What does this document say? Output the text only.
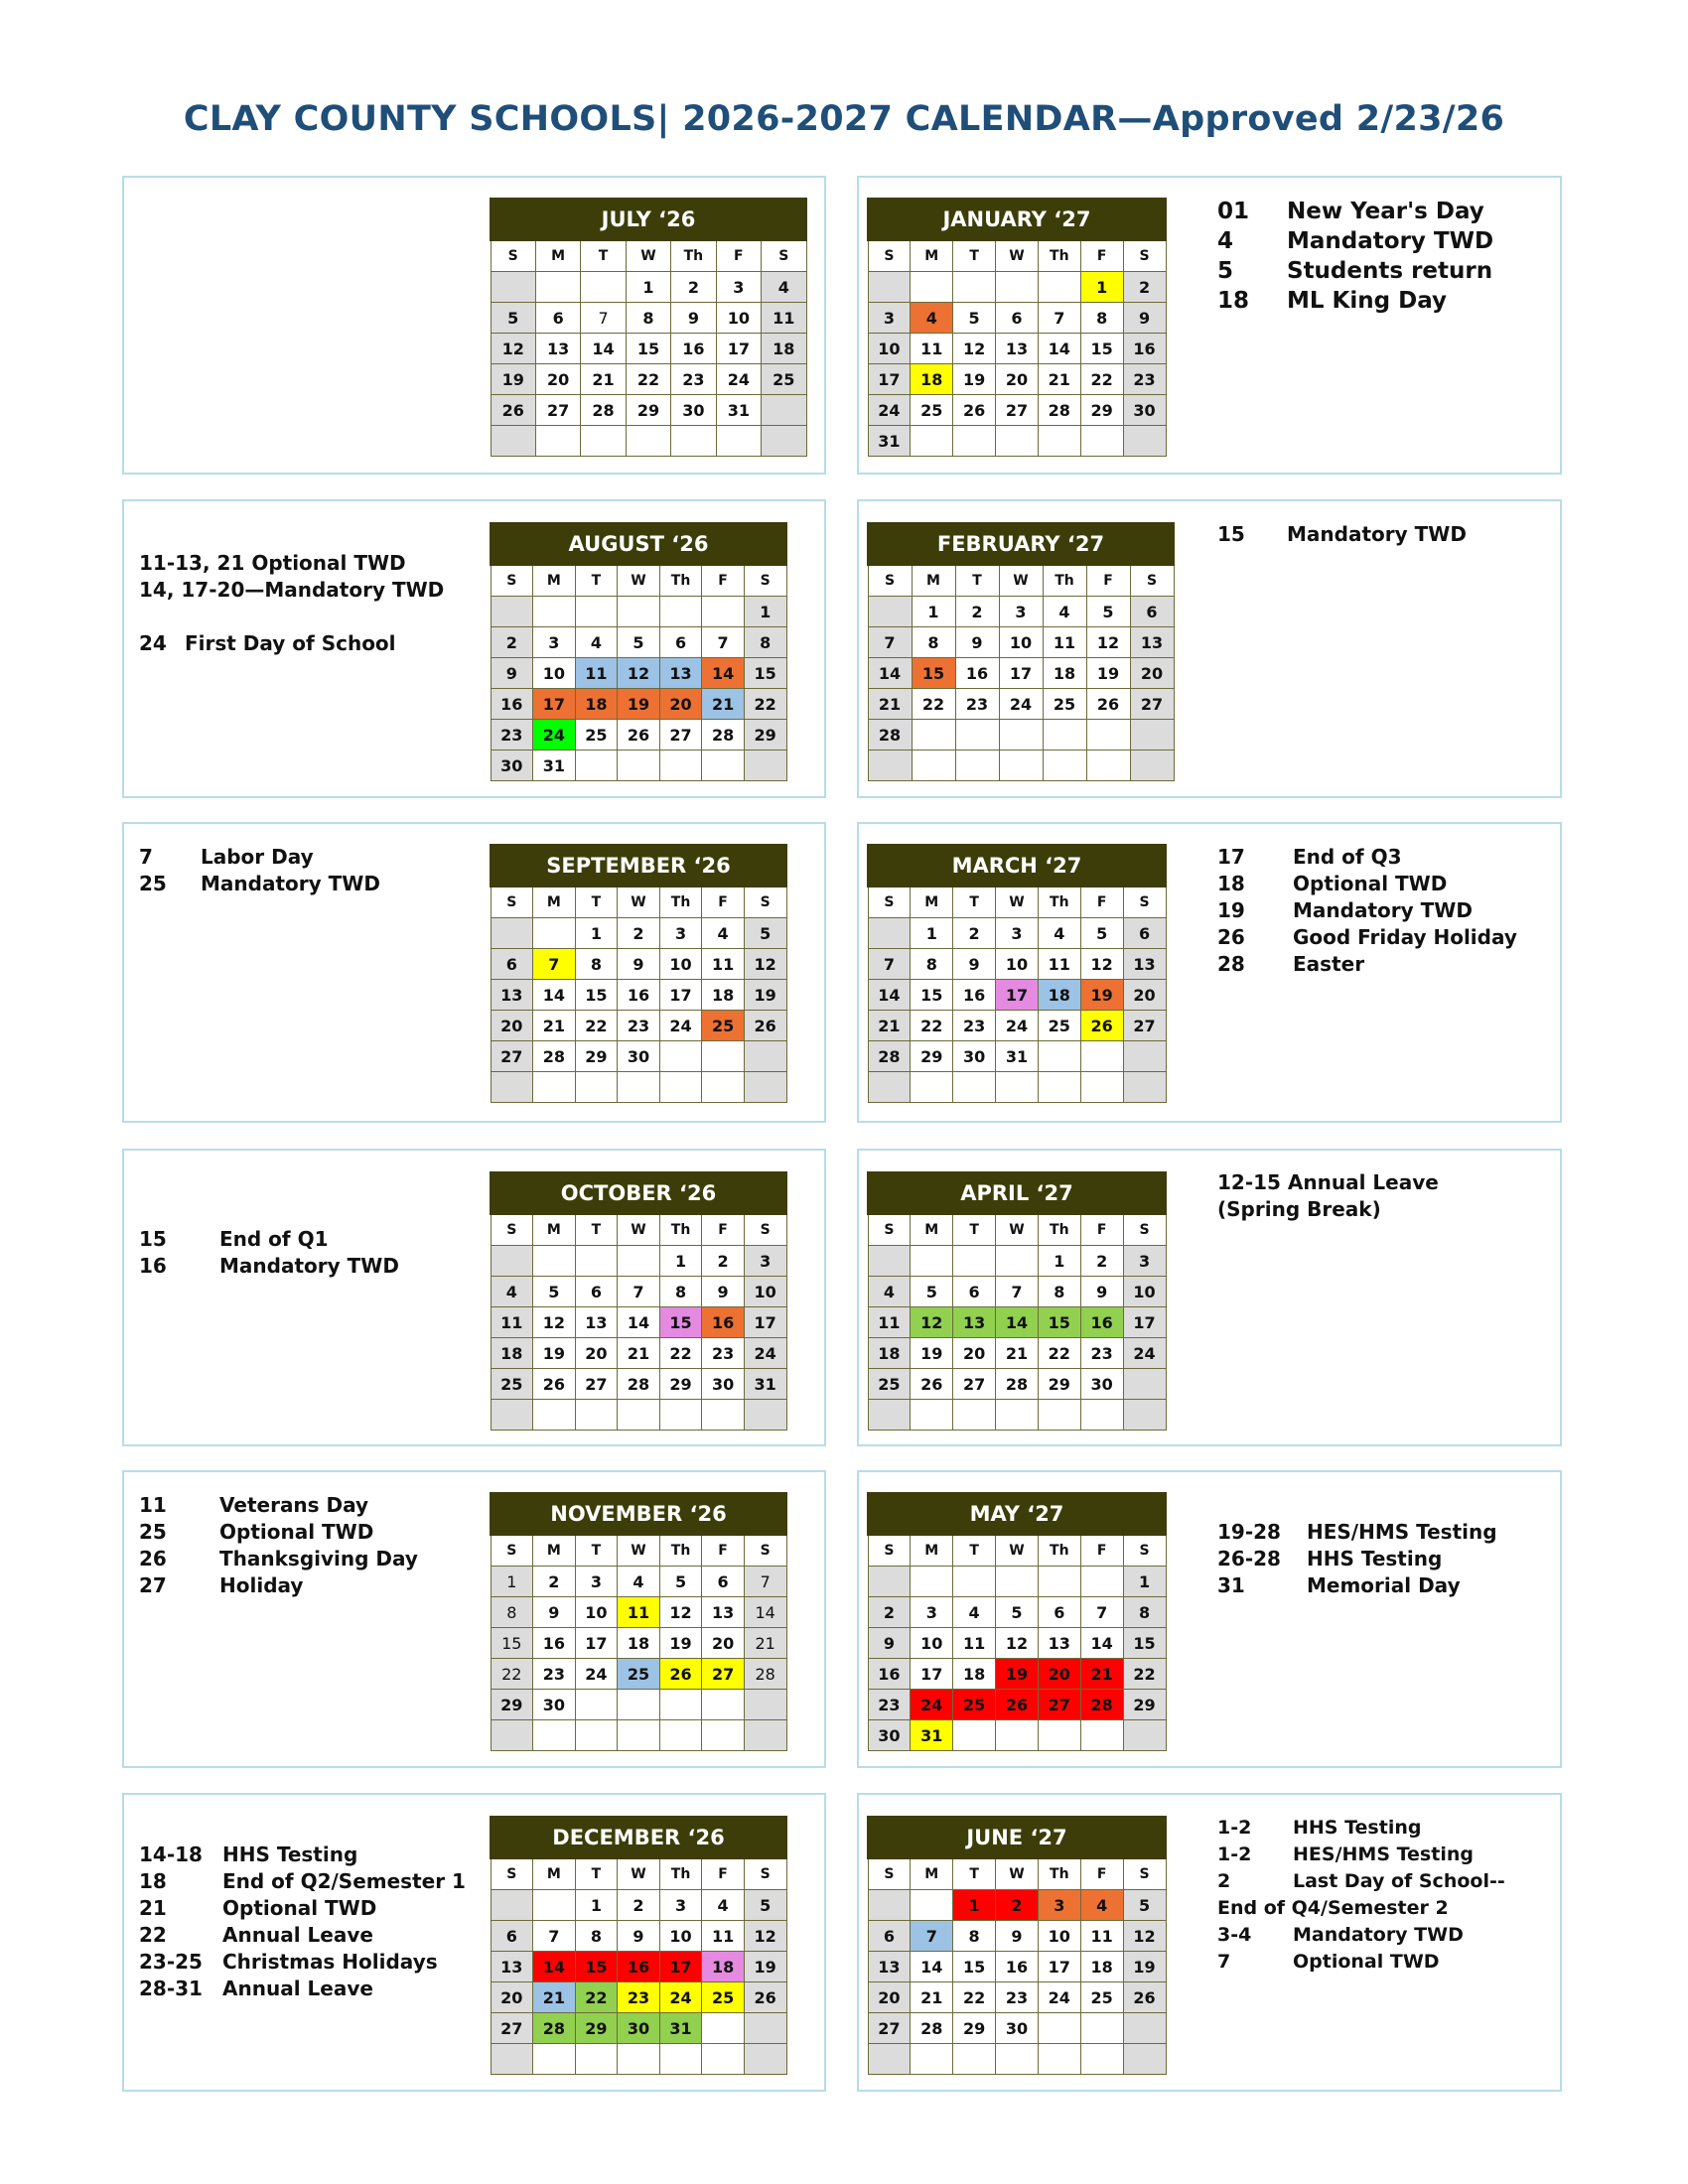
CLAY COUNTY SCHOOLS| 2026-2027 CALENDAR—Approved 2/23/26
JULY ‘26						
S	M	T	W	Th	F	S
			1	2	3	4
5	6	7	8	9	10	11
12	13	14	15	16	17	18
19	20	21	22	23	24	25
26	27	28	29	30	31	

AUGUST ‘26						
S	M	T	W	Th	F	S
						1
2	3	4	5	6	7	8
9	10	11	12	13	14	15
16	17	18	19	20	21	22
23	24	25	26	27	28	29
30	31					
SEPTEMBER ‘26						
S	M	T	W	Th	F	S
		1	2	3	4	5
6	7	8	9	10	11	12
13	14	15	16	17	18	19
20	21	22	23	24	25	26
27	28	29	30			

OCTOBER ‘26						
S	M	T	W	Th	F	S
				1	2	3
4	5	6	7	8	9	10
11	12	13	14	15	16	17
18	19	20	21	22	23	24
25	26	27	28	29	30	31

NOVEMBER ‘26						
S	M	T	W	Th	F	S
1	2	3	4	5	6	7
8	9	10	11	12	13	14
15	16	17	18	19	20	21
22	23	24	25	26	27	28
29	30					

DECEMBER ‘26						
S	M	T	W	Th	F	S
		1	2	3	4	5
6	7	8	9	10	11	12
13	14	15	16	17	18	19
20	21	22	23	24	25	26
27	28	29	30	31		

JANUARY ‘27						
S	M	T	W	Th	F	S
					1	2
3	4	5	6	7	8	9
10	11	12	13	14	15	16
17	18	19	20	21	22	23
24	25	26	27	28	29	30
31						
FEBRUARY ‘27						
S	M	T	W	Th	F	S
	1	2	3	4	5	6
7	8	9	10	11	12	13
14	15	16	17	18	19	20
21	22	23	24	25	26	27
28						

MARCH ‘27						
S	M	T	W	Th	F	S
	1	2	3	4	5	6
7	8	9	10	11	12	13
14	15	16	17	18	19	20
21	22	23	24	25	26	27
28	29	30	31			

APRIL ‘27						
S	M	T	W	Th	F	S
				1	2	3
4	5	6	7	8	9	10
11	12	13	14	15	16	17
18	19	20	21	22	23	24
25	26	27	28	29	30	

MAY ‘27						
S	M	T	W	Th	F	S
						1
2	3	4	5	6	7	8
9	10	11	12	13	14	15
16	17	18	19	20	21	22
23	24	25	26	27	28	29
30	31					
JUNE ‘27						
S	M	T	W	Th	F	S
		1	2	3	4	5
6	7	8	9	10	11	12
13	14	15	16	17	18	19
20	21	22	23	24	25	26
27	28	29	30			

11-13, 21 Optional TWD
14, 17-20—Mandatory TWD
24 First Day of School
7	Labor Day
25	Mandatory TWD
15	End of Q1
16	Mandatory TWD
11	Veterans Day
25	Optional TWD
26	Thanksgiving Day
27	Holiday
14-18	HHS Testing
18	End of Q2/Semester 1
21	Optional TWD
22	Annual Leave
23-25	Christmas Holidays
28-31	Annual Leave
01	New Year's Day
4	Mandatory TWD
5	Students return
18	ML King Day
15	Mandatory TWD
17	End of Q3
18	Optional TWD
19	Mandatory TWD
26	Good Friday Holiday
28	Easter
12-15 Annual Leave
(Spring Break)
19-28	HES/HMS Testing
26-28	HHS Testing
31	Memorial Day
1-2	HHS Testing
1-2	HES/HMS Testing
2	Last Day of School--
End of Q4/Semester 2
3-4	Mandatory TWD
7	Optional TWD
